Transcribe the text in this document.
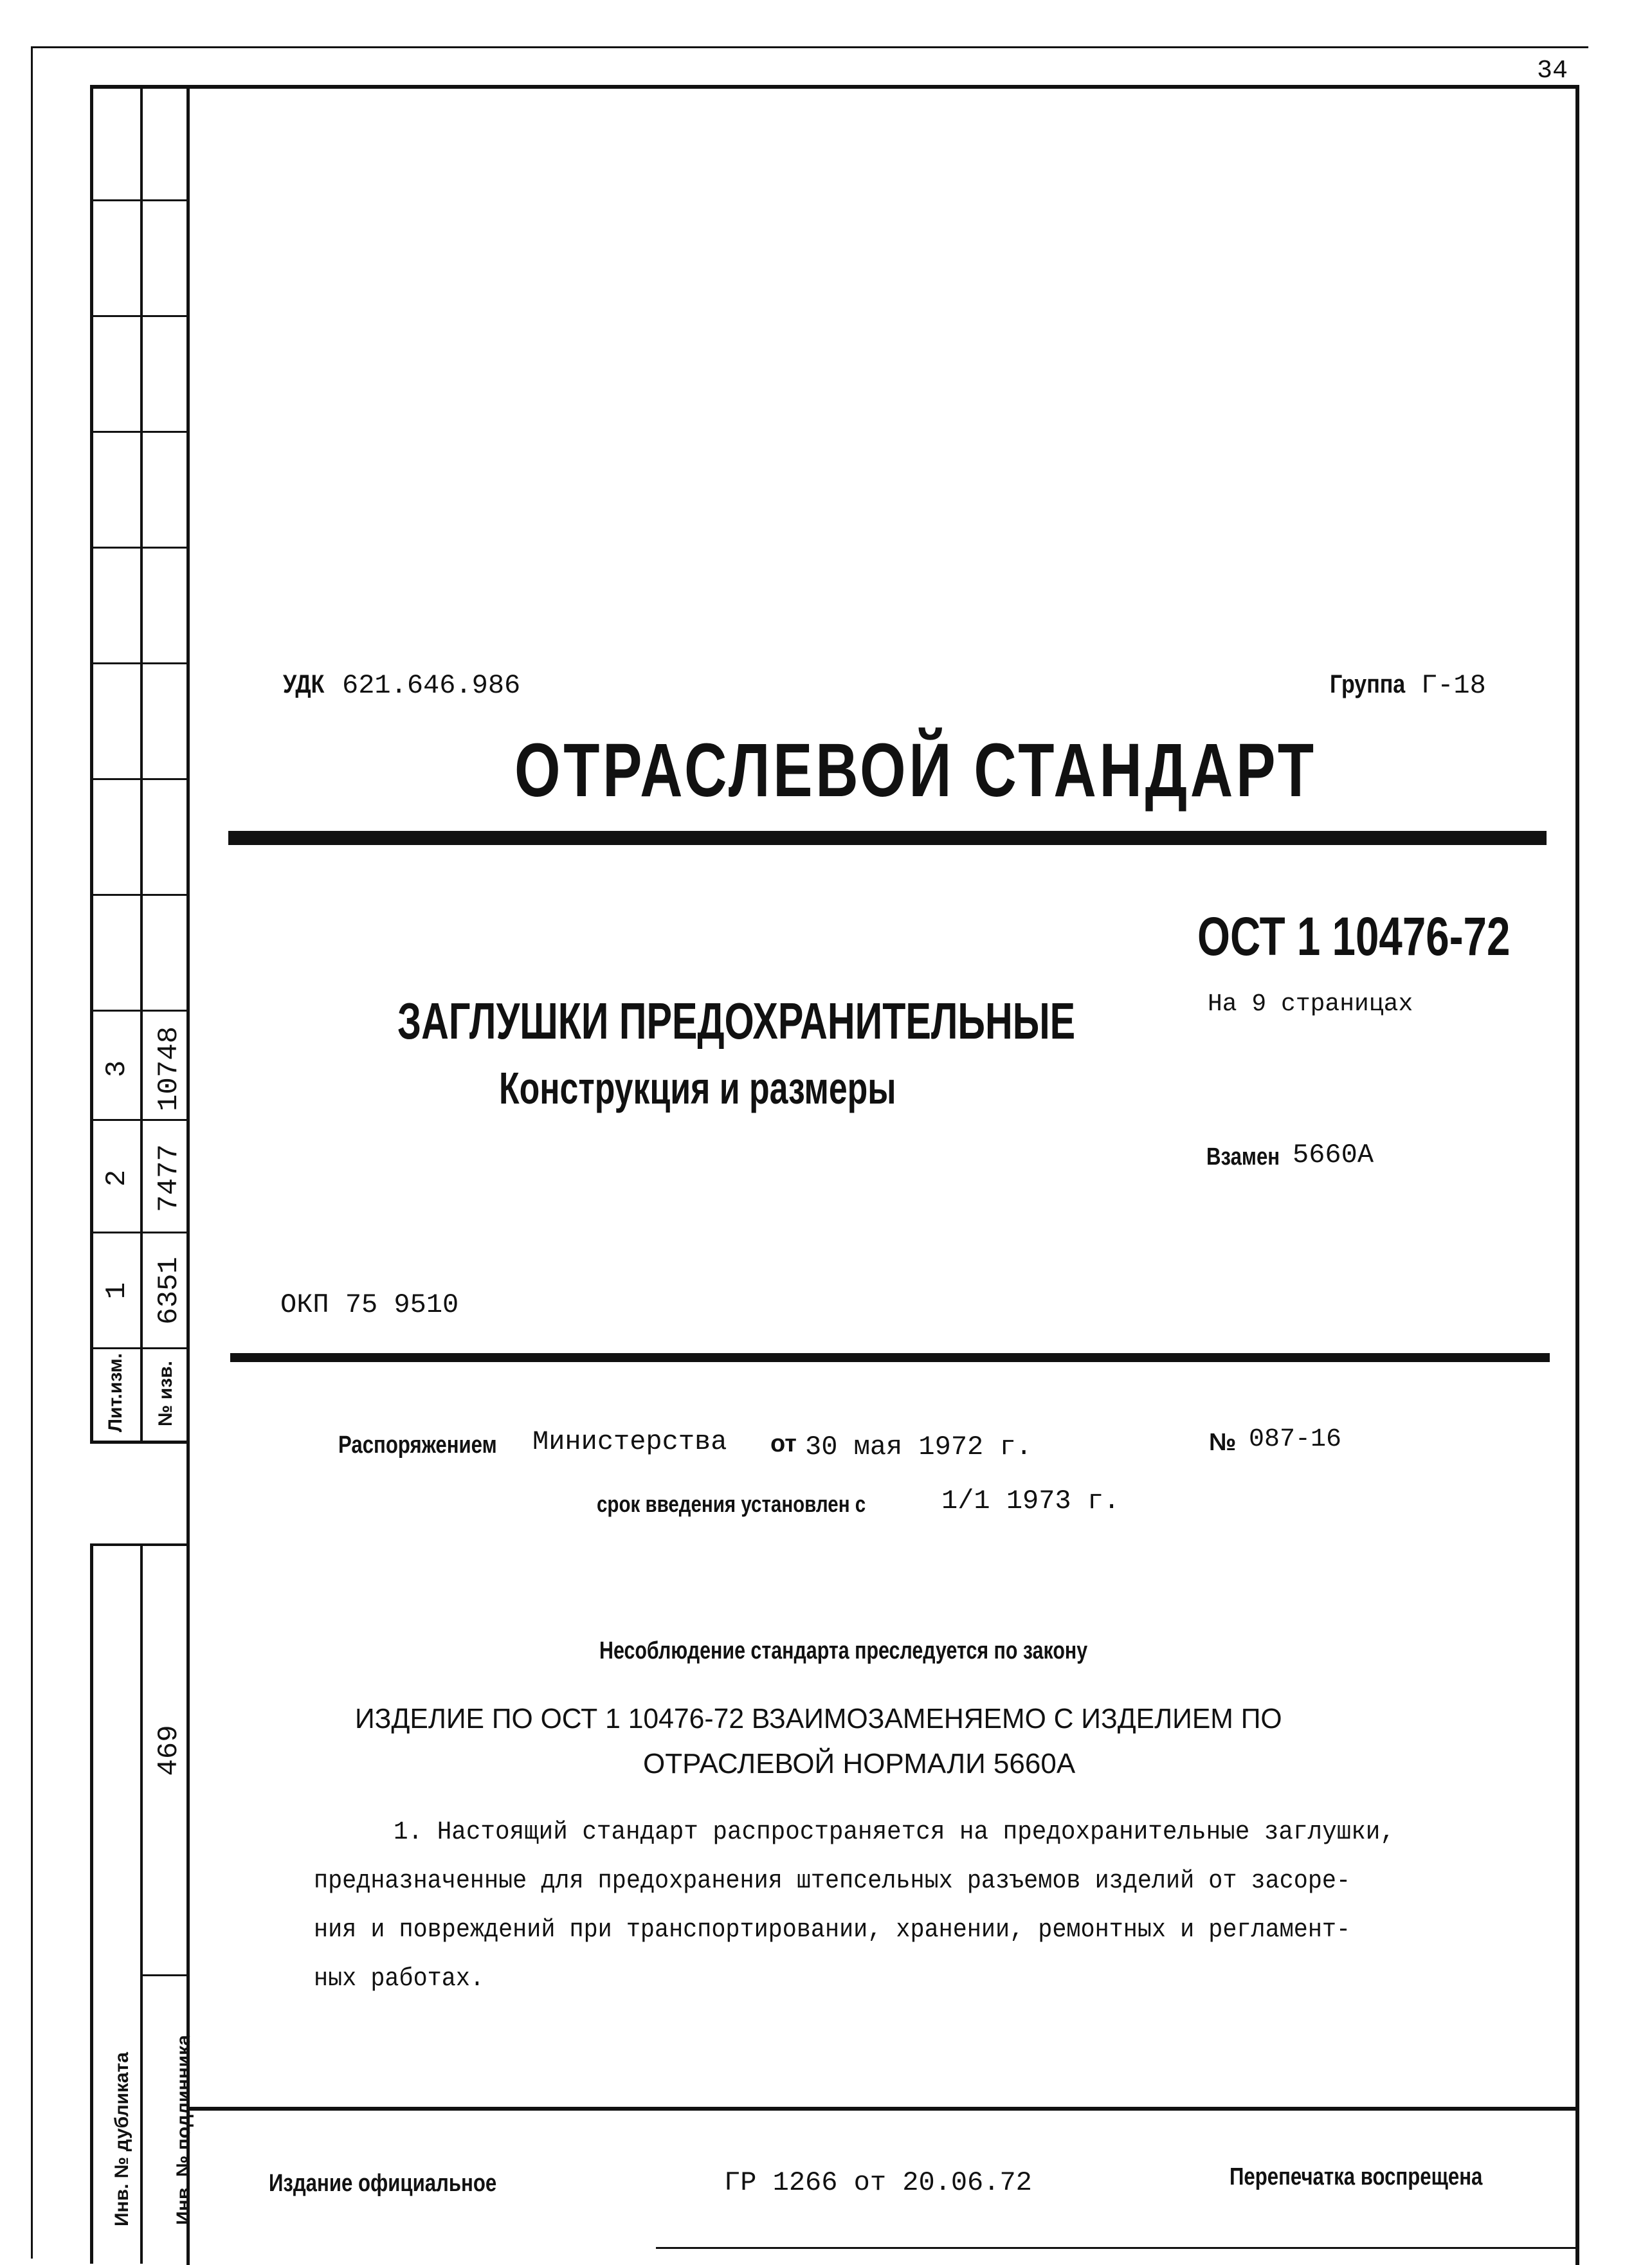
34
3 10748
2 7477
1 6351
Лит.изм. № изв.
469
Инв. № дубликата Инв. № подлинника
УДК 621.646.986	Группа Г-18
ОТРАСЛЕВОЙ СТАНДАРТ
ОСТ 1 10476-72
На 9 страницах
ЗАГЛУШКИ ПРЕДОХРАНИТЕЛЬНЫЕ
Конструкция и размеры
Взамен 5660А
ОКП 75 9510
Распоряжением Министерства от 30 мая 1972 г.	№ 087-16
срок введения установлен с	1/1 1973 г.
Несоблюдение стандарта преследуется по закону
ИЗДЕЛИЕ ПО ОСТ 1 10476-72 ВЗАИМОЗАМЕНЯЕМО С ИЗДЕЛИЕМ ПО
ОТРАСЛЕВОЙ НОРМАЛИ 5660А
1. Настоящий стандарт распространяется на предохранительные заглушки,
предназначенные для предохранения штепсельных разъемов изделий от засоре-
ния и повреждений при транспортировании, хранении, ремонтных и регламент-
ных работах.
Издание официальное	ГР 1266 от 20.06.72	Перепечатка воспрещена
